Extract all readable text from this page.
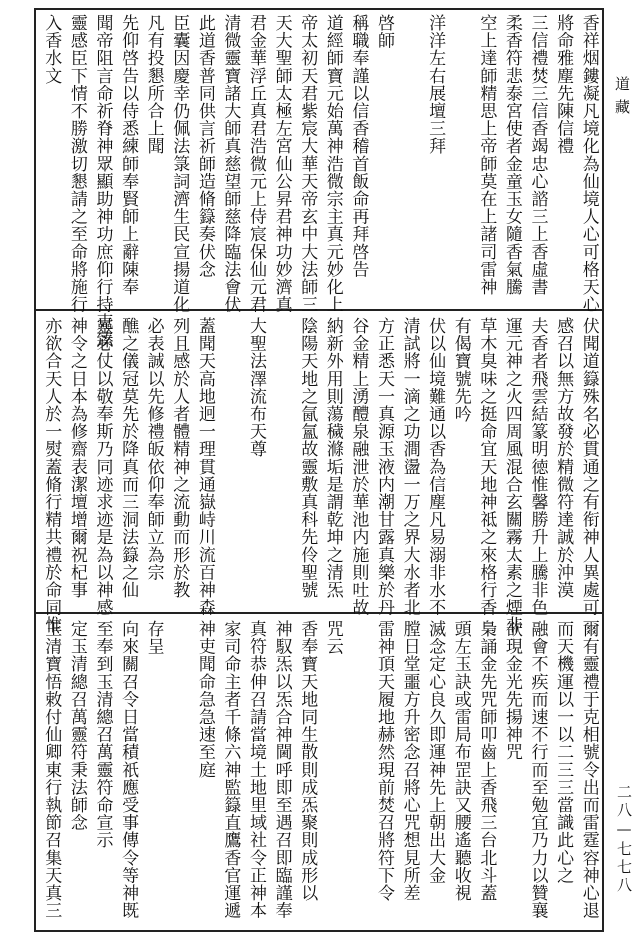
道藏
二八—七七八
香祥烟鏤凝凡境化為仙境人心可格天心
將命雅塵先陳信禮
三信禮焚三信香竭忠心諮三上香虛書
柔香符悲泰宮使者金童玉女隨香氣騰
空上達師精思上帝師莫在上諸司雷神
洋洋左右展壇三拜
啓師
稱職奉謹以信香稽首飯命再拜啓告
道經師寶元始萬神浩微宗主真元妙化上
帝太初天君紫宸大華天帝玄中大法師三
天大聖師太極左宮仙公昇君神功妙濟真
君金華浮丘真君浩微元上侍宸保仙元君
清微靈寶諸大師真慈望師慈降臨法會伏
此道香普同供言祈師造脩籙奏伏念
臣囊因慶幸仍佩法箓詞濟生民宣揚道化
凡有投懇所合上聞
先仰啓告以侍悉練師奉賢師上辭陳奉
聞帝阻言命祈脊神眾顯助神功庶仰行持克臻
靈感臣下情不勝激切懇請之至命將施行
入香水文
伏聞道籙殊名必貫通之有衔神人異處可
感召以無方故發於精微符達誠於沖漠
夫香者飛雲結篆明徳惟馨勝升上騰非色
運元神之火四周風混合玄關霧太素之煙非
草木臭味之挺命宜天地神祗之來格行香
有偈寶號先吟
伏以仙境難通以香為信塵凡易溺非水不
清試將一滴之功澗盪一万之界大水者北
方正悉天一真源玉液内潮甘露真樂於丹
谷金精上湧醴泉融泄於華池内施則吐故
納新外用則蕩穢滌垢是謂乾坤之清炁
陰陽天地之氤氳故靈敷真科先伶聖號
大聖法澤流布天尊
蓋聞天高地迥一理貫通嶽峙川流百神森
列且感於人者體精神之流動而形於教
必表誠以先修禮皈依仰奉師立為宗
醮之儀冠莫先於降真而三洞法籙之仙
靈必仗以敬奉斯乃同迹求迹是為以神感
神令之日本為修齋表潔壇增爾祝杞事
亦欲合天人於一熨蓋脩行精共禮於命同惟
爾有靈禮于克相號令出而雷霆容神心退
而天機運以一以二三三當識此心之
融會不疾而速不行而至勉宜乃力以贊襄
欲現金光先揚神咒
梟誦金先咒師叩齒上香飛三台北斗蓋
頭左玉訣或雷局布罡訣又腰遙聽收視
滅念定心良久即運神先上朝出大金
膛日堂噩方升密念召將心咒想見所差
雷神頂天履地赫然現前焚召將符下令
咒云
香奉寶天地同生散則成炁聚則成形以
神馭炁以炁合神閫呼即至遇召即臨謹奉
真符恭伸召請當境土地里域社令正神本
家司命主者千條六神監籙直鷹香官運遞
神吏聞命急急速至庭
存呈
向來關召令日當積祇應受事傳令等神既
至奉到玉清總召萬靈符命宣示
定玉清總召萬靈符秉法師念
玉清寶悟敕付仙卿東行執節召集天真三
